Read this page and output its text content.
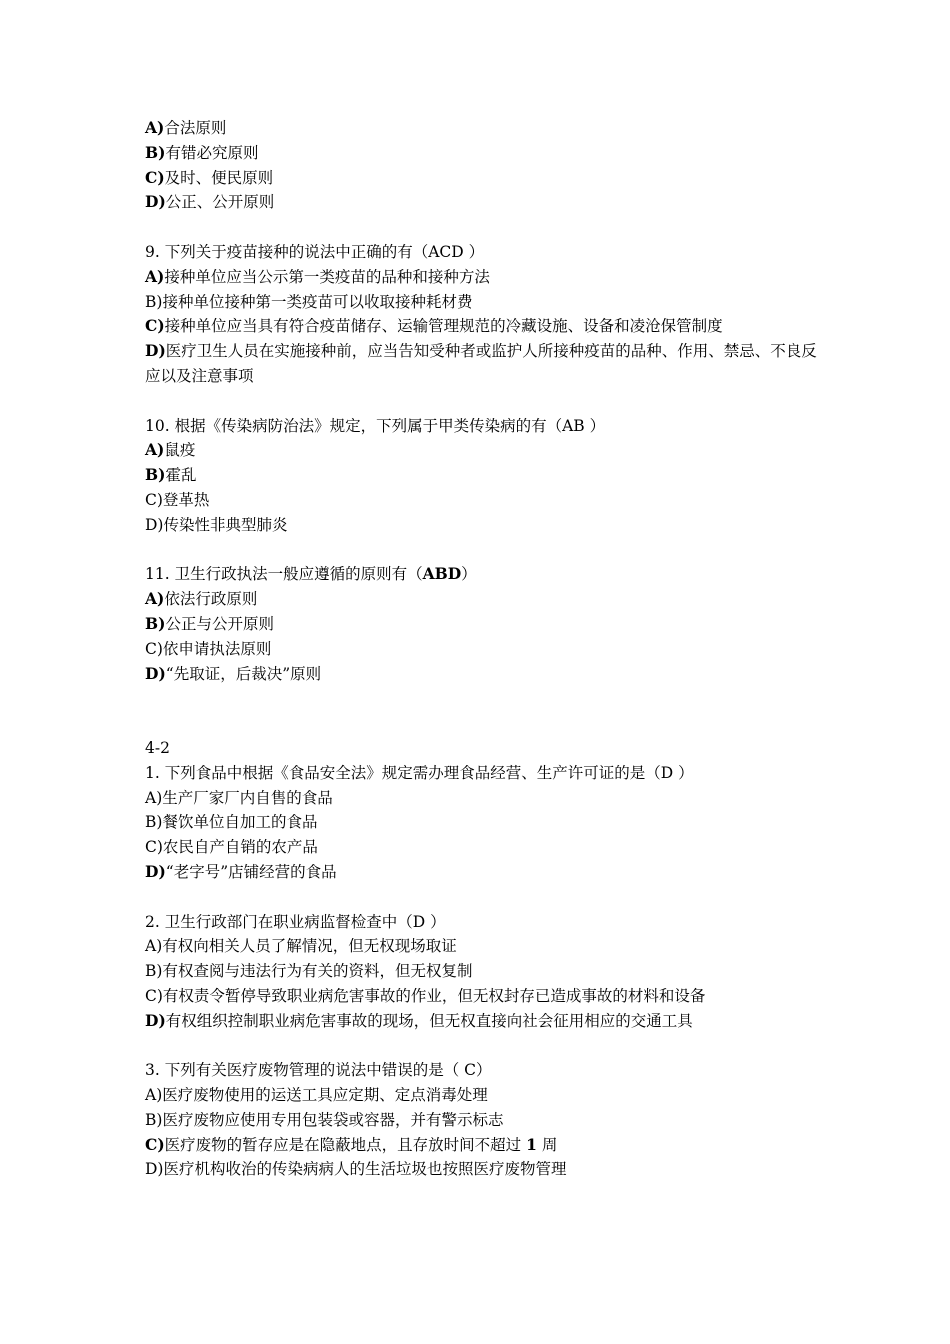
A)合法原则
B)有错必究原则
C)及时、便民原则
D)公正、公开原则
9. 下列关于疫苗接种的说法中正确的有（ACD ）
A)接种单位应当公示第一类疫苗的品种和接种方法
B)接种单位接种第一类疫苗可以收取接种耗材费
C)接种单位应当具有符合疫苗储存、运输管理规范的冷藏设施、设备和凌沧保管制度
D)医疗卫生人员在实施接种前，应当告知受种者或监护人所接种疫苗的品种、作用、禁忌、不良反应以及注意事项
10. 根据《传染病防治法》规定，下列属于甲类传染病的有（AB ）
A)鼠疫
B)霍乱
C)登革热
D)传染性非典型肺炎
11. 卫生行政执法一般应遵循的原则有（ABD）
A)依法行政原则
B)公正与公开原则
C)依申请执法原则
D)“先取证，后裁决”原则
4-2
1. 下列食品中根据《食品安全法》规定需办理食品经营、生产许可证的是（D ）
A)生产厂家厂内自售的食品
B)餐饮单位自加工的食品
C)农民自产自销的农产品
D)“老字号”店铺经营的食品
2. 卫生行政部门在职业病监督检查中（D ）
A)有权向相关人员了解情况，但无权现场取证
B)有权查阅与违法行为有关的资料，但无权复制
C)有权责令暂停导致职业病危害事故的作业，但无权封存已造成事故的材料和设备
D)有权组织控制职业病危害事故的现场，但无权直接向社会征用相应的交通工具
3. 下列有关医疗废物管理的说法中错误的是（ C）
A)医疗废物使用的运送工具应定期、定点消毒处理
B)医疗废物应使用专用包装袋或容器，并有警示标志
C)医疗废物的暂存应是在隐蔽地点，且存放时间不超过 1 周
D)医疗机构收治的传染病病人的生活垃圾也按照医疗废物管理
